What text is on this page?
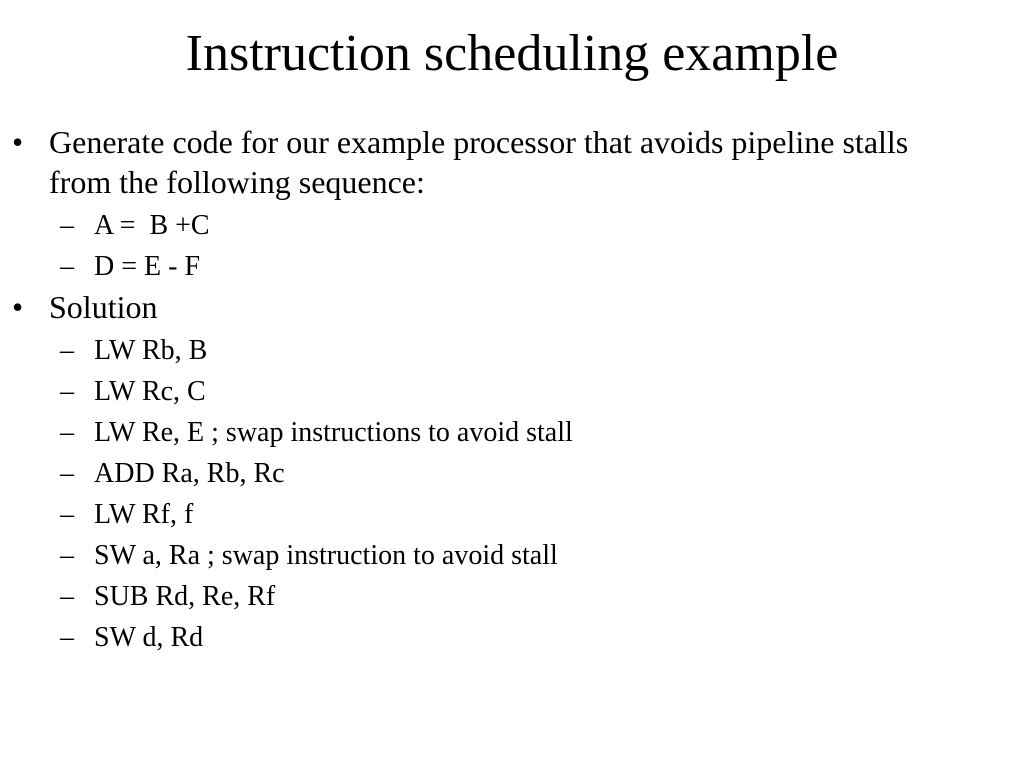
Instruction scheduling example

• Generate code for our example processor that avoids pipeline stalls from the following sequence:

– A =  B +C

– D = E - F

• Solution

– LW Rb, B

– LW Rc, C

– LW Re, E ; swap instructions to avoid stall

– ADD Ra, Rb, Rc

– LW Rf, f

– SW a, Ra ; swap instruction to avoid stall

– SUB Rd, Re, Rf

– SW d, Rd
